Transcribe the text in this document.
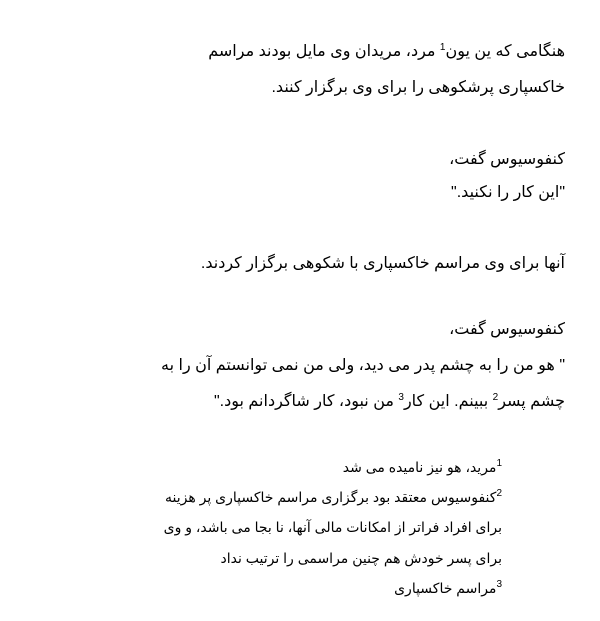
هنگامی که ین یون$^1$ مرد، مریدان وی مایل بودند مراسم

خاکسپاری پرشکوهی را برای وی برگزار کنند.

کنفوسیوس گفت،

"این کار را نکنید."

آنها برای وی مراسم خاکسپاری با شکوهی برگزار کردند.

کنفوسیوس گفت،

" هو من را به چشم پدر می دید، ولی من نمی توانستم آن را به

چشم پسر$^2$ ببینم. این کار$^3$ من نبود، کار شاگردانم بود."

$^1$مرید، هو نیز نامیده می شد

$^2$کنفوسیوس معتقد بود برگزاری مراسم خاکسپاری پر هزینه

برای افراد فراتر از امکانات مالی آنها، نا بجا می باشد، و وی

برای پسر خودش هم چنین مراسمی را ترتیب نداد

$^3$مراسم خاکسپاری
